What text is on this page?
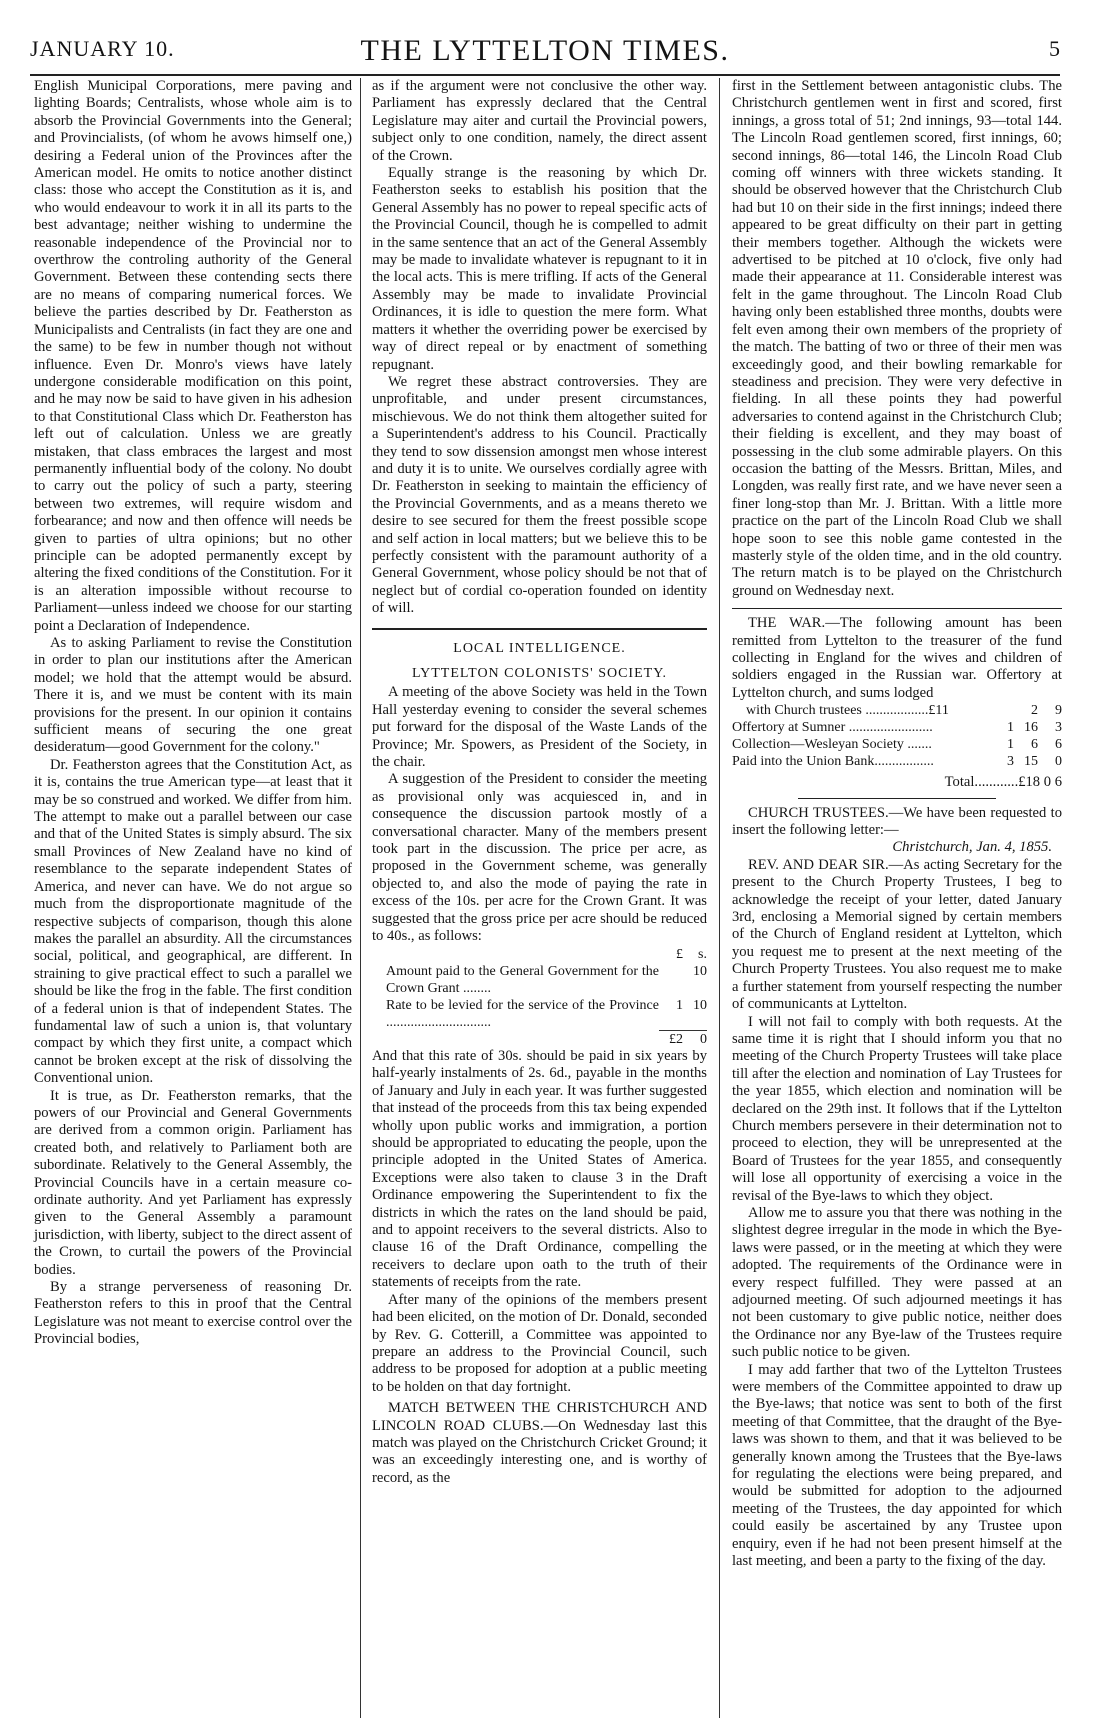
JANUARY 10.	THE LYTTELTON TIMES.	5

English Municipal Corporations, mere paving and lighting Boards; Centralists, whose whole aim is to absorb the Provincial Governments into the General; and Provincialists, (of whom he avows himself one,) desiring a Federal union of the Provinces after the American model. He omits to notice another distinct class: those who accept the Constitution as it is, and who would endeavour to work it in all its parts to the best advantage; neither wishing to undermine the reasonable independence of the Provincial nor to overthrow the controling authority of the General Government. Between these contending sects there are no means of comparing numerical forces. We believe the parties described by Dr. Featherston as Municipalists and Centralists (in fact they are one and the same) to be few in number though not without influence. Even Dr. Monro's views have lately undergone considerable modification on this point, and he may now be said to have given in his adhesion to that Constitutional Class which Dr. Featherston has left out of calculation. Unless we are greatly mistaken, that class embraces the largest and most permanently influential body of the colony. No doubt to carry out the policy of such a party, steering between two extremes, will require wisdom and forbearance; and now and then offence will needs be given to parties of ultra opinions; but no other principle can be adopted permanently except by altering the fixed conditions of the Constitution. For it is an alteration impossible without recourse to Parliament—unless indeed we choose for our starting point a Declaration of Independence.

As to asking Parliament to revise the Constitution in order to plan our institutions after the American model; we hold that the attempt would be absurd. There it is, and we must be content with its main provisions for the present. In our opinion it contains sufficient means of securing the one great desideratum—good Government for the colony."

Dr. Featherston agrees that the Constitution Act, as it is, contains the true American type—at least that it may be so construed and worked. We differ from him. The attempt to make out a parallel between our case and that of the United States is simply absurd. The six small Provinces of New Zealand have no kind of resemblance to the separate independent States of America, and never can have. We do not argue so much from the disproportionate magnitude of the respective subjects of comparison, though this alone makes the parallel an absurdity. All the circumstances social, political, and geographical, are different. In straining to give practical effect to such a parallel we should be like the frog in the fable. The first condition of a federal union is that of independent States. The fundamental law of such a union is, that voluntary compact by which they first unite, a compact which cannot be broken except at the risk of dissolving the Conventional union.

It is true, as Dr. Featherston remarks, that the powers of our Provincial and General Governments are derived from a common origin. Parliament has created both, and relatively to Parliament both are subordinate. Relatively to the General Assembly, the Provincial Councils have in a certain measure co-ordinate authority. And yet Parliament has expressly given to the General Assembly a paramount jurisdiction, with liberty, subject to the direct assent of the Crown, to curtail the powers of the Provincial bodies.

By a strange perverseness of reasoning Dr. Featherston refers to this in proof that the Central Legislature was not meant to exercise control over the Provincial bodies,

as if the argument were not conclusive the other way. Parliament has expressly declared that the Central Legislature may aiter and curtail the Provincial powers, subject only to one condition, namely, the direct assent of the Crown.

Equally strange is the reasoning by which Dr. Featherston seeks to establish his position that the General Assembly has no power to repeal specific acts of the Provincial Council, though he is compelled to admit in the same sentence that an act of the General Assembly may be made to invalidate whatever is repugnant to it in the local acts. This is mere trifling. If acts of the General Assembly may be made to invalidate Provincial Ordinances, it is idle to question the mere form. What matters it whether the overriding power be exercised by way of direct repeal or by enactment of something repugnant.

We regret these abstract controversies. They are unprofitable, and under present circumstances, mischievous. We do not think them altogether suited for a Superintendent's address to his Council. Practically they tend to sow dissension amongst men whose interest and duty it is to unite. We ourselves cordially agree with Dr. Featherston in seeking to maintain the efficiency of the Provincial Governments, and as a means thereto we desire to see secured for them the freest possible scope and self action in local matters; but we believe this to be perfectly consistent with the paramount authority of a General Government, whose policy should be not that of neglect but of cordial co-operation founded on identity of will.

LOCAL INTELLIGENCE.
LYTTELTON COLONISTS' SOCIETY.

A meeting of the above Society was held in the Town Hall yesterday evening to consider the several schemes put forward for the disposal of the Waste Lands of the Province; Mr. Spowers, as President of the Society, in the chair.

A suggestion of the President to consider the meeting as provisional only was acquiesced in, and in consequence the discussion partook mostly of a conversational character. Many of the members present took part in the discussion. The price per acre, as proposed in the Government scheme, was generally objected to, and also the mode of paying the rate in excess of the 10s. per acre for the Crown Grant. It was suggested that the gross price per acre should be reduced to 40s., as follows:

	£	s.
Amount paid to the General Government for the Crown Grant ........		10
Rate to be levied for the service of the Province ..............................	1	10
	£2	0

And that this rate of 30s. should be paid in six years by half-yearly instalments of 2s. 6d., payable in the months of January and July in each year. It was further suggested that instead of the proceeds from this tax being expended wholly upon public works and immigration, a portion should be appropriated to educating the people, upon the principle adopted in the United States of America. Exceptions were also taken to clause 3 in the Draft Ordinance empowering the Superintendent to fix the districts in which the rates on the land should be paid, and to appoint receivers to the several districts. Also to clause 16 of the Draft Ordinance, compelling the receivers to declare upon oath to the truth of their statements of receipts from the rate.

After many of the opinions of the members present had been elicited, on the motion of Dr. Donald, seconded by Rev. G. Cotterill, a Committee was appointed to prepare an address to the Provincial Council, such address to be proposed for adoption at a public meeting to be holden on that day fortnight.

MATCH BETWEEN THE CHRISTCHURCH AND LINCOLN ROAD CLUBS.—On Wednesday last this match was played on the Christchurch Cricket Ground; it was an exceedingly interesting one, and is worthy of record, as the

first in the Settlement between antagonistic clubs. The Christchurch gentlemen went in first and scored, first innings, a gross total of 51; 2nd innings, 93—total 144. The Lincoln Road gentlemen scored, first innings, 60; second innings, 86—total 146, the Lincoln Road Club coming off winners with three wickets standing. It should be observed however that the Christchurch Club had but 10 on their side in the first innings; indeed there appeared to be great difficulty on their part in getting their members together. Although the wickets were advertised to be pitched at 10 o'clock, five only had made their appearance at 11. Considerable interest was felt in the game throughout. The Lincoln Road Club having only been established three months, doubts were felt even among their own members of the propriety of the match. The batting of two or three of their men was exceedingly good, and their bowling remarkable for steadiness and precision. They were very defective in fielding. In all these points they had powerful adversaries to contend against in the Christchurch Club; their fielding is excellent, and they may boast of possessing in the club some admirable players. On this occasion the batting of the Messrs. Brittan, Miles, and Longden, was really first rate, and we have never seen a finer long-stop than Mr. J. Brittan. With a little more practice on the part of the Lincoln Road Club we shall hope soon to see this noble game contested in the masterly style of the olden time, and in the old country. The return match is to be played on the Christchurch ground on Wednesday next.

THE WAR.—The following amount has been remitted from Lyttelton to the treasurer of the fund collecting in England for the wives and children of soldiers engaged in the Russian war. Offertory at Lyttelton church, and sums lodged

with Church trustees ..................£11		2	9
Offertory at Sumner ........................	1	16	3
Collection—Wesleyan Society .......	1	6	6
Paid into the Union Bank.................	3	15	0
Total............£18 0 6

CHURCH TRUSTEES.—We have been requested to insert the following letter:—

Christchurch, Jan. 4, 1855.

REV. AND DEAR SIR.—As acting Secretary for the present to the Church Property Trustees, I beg to acknowledge the receipt of your letter, dated January 3rd, enclosing a Memorial signed by certain members of the Church of England resident at Lyttelton, which you request me to present at the next meeting of the Church Property Trustees. You also request me to make a further statement from yourself respecting the number of communicants at Lyttelton.

I will not fail to comply with both requests. At the same time it is right that I should inform you that no meeting of the Church Property Trustees will take place till after the election and nomination of Lay Trustees for the year 1855, which election and nomination will be declared on the 29th inst. It follows that if the Lyttelton Church members persevere in their determination not to proceed to election, they will be unrepresented at the Board of Trustees for the year 1855, and consequently will lose all opportunity of exercising a voice in the revisal of the Bye-laws to which they object.

Allow me to assure you that there was nothing in the slightest degree irregular in the mode in which the Bye-laws were passed, or in the meeting at which they were adopted. The requirements of the Ordinance were in every respect fulfilled. They were passed at an adjourned meeting. Of such adjourned meetings it has not been customary to give public notice, neither does the Ordinance nor any Bye-law of the Trustees require such public notice to be given.

I may add farther that two of the Lyttelton Trustees were members of the Committee appointed to draw up the Bye-laws; that notice was sent to both of the first meeting of that Committee, that the draught of the Bye-laws was shown to them, and that it was believed to be generally known among the Trustees that the Bye-laws for regulating the elections were being prepared, and would be submitted for adoption to the adjourned meeting of the Trustees, the day appointed for which could easily be ascertained by any Trustee upon enquiry, even if he had not been present himself at the last meeting, and been a party to the fixing of the day.
